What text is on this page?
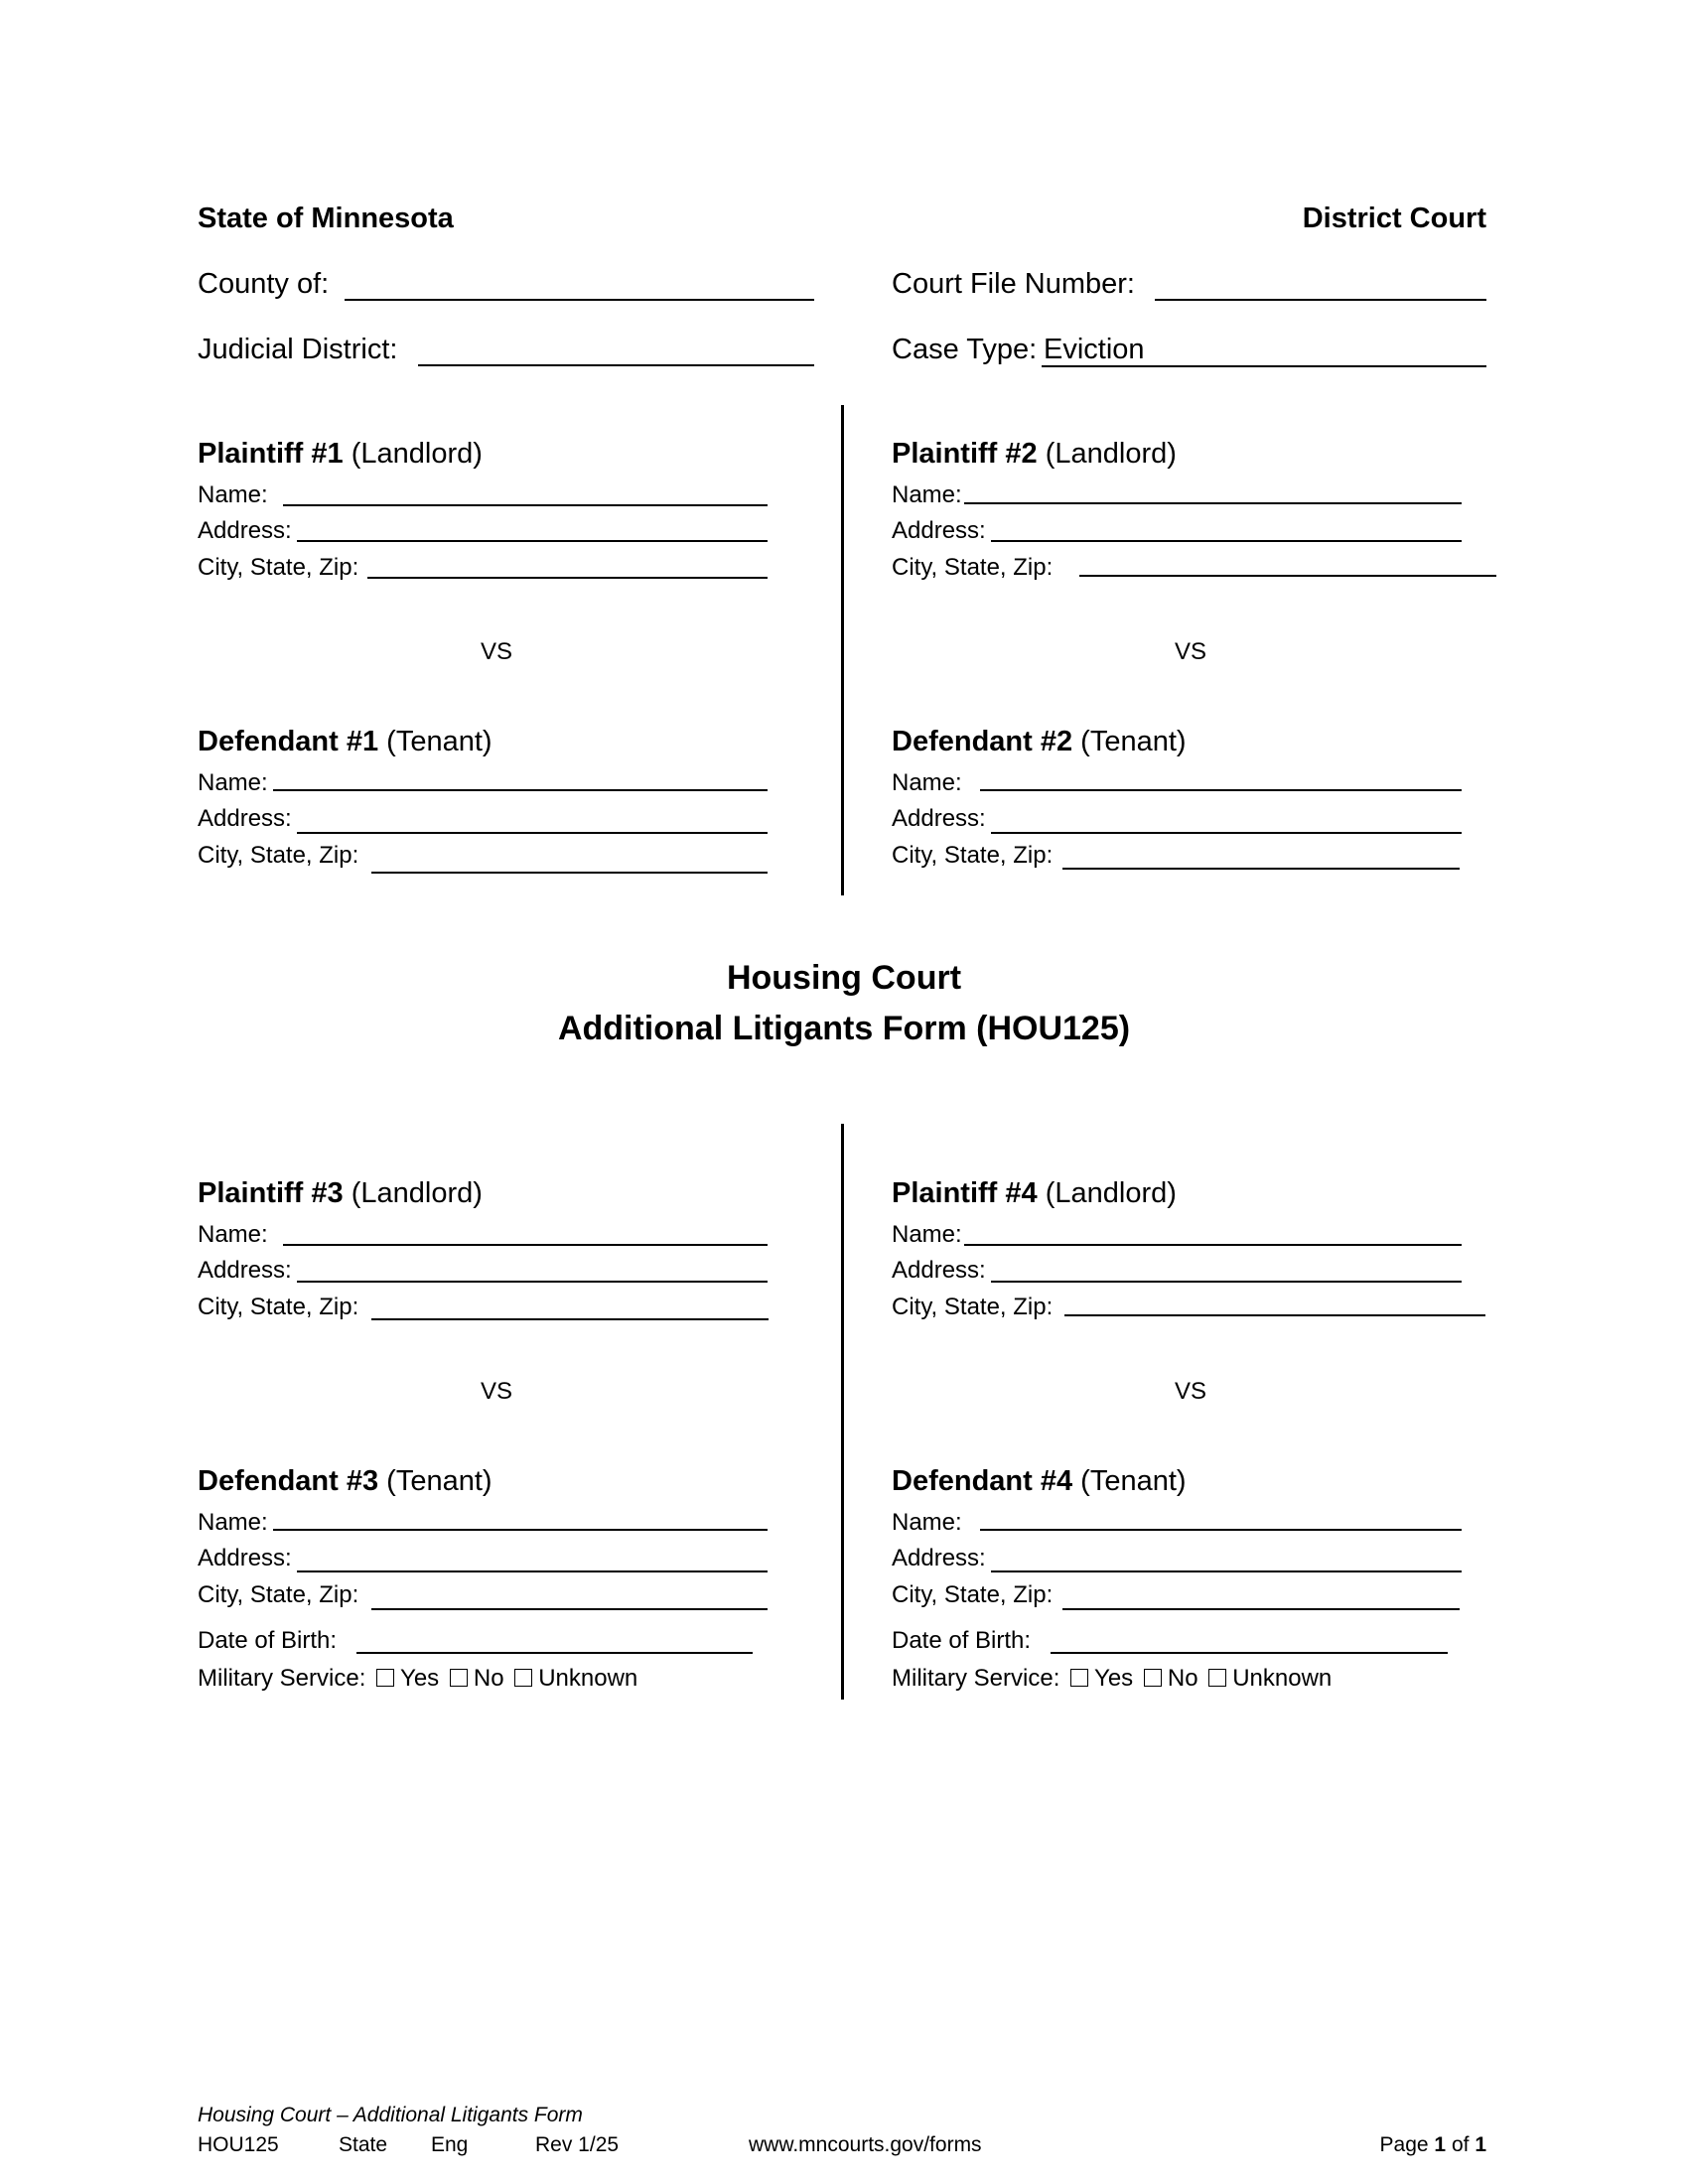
State of Minnesota	District Court
County of:
Judicial District:
Court File Number:
Case Type: Eviction
Plaintiff #1 (Landlord)
Name:
Address:
City, State, Zip:
VS
Defendant #1 (Tenant)
Name:
Address:
City, State, Zip:
Plaintiff #2 (Landlord)
Name:
Address:
City, State, Zip:
VS
Defendant #2 (Tenant)
Name:
Address:
City, State, Zip:
Housing Court
Additional Litigants Form (HOU125)
Plaintiff #3 (Landlord)
Name:
Address:
City, State, Zip:
VS
Defendant #3 (Tenant)
Name:
Address:
City, State, Zip:
Date of Birth:
Military Service: Yes No Unknown
Plaintiff #4 (Landlord)
Name:
Address:
City, State, Zip:
VS
Defendant #4 (Tenant)
Name:
Address:
City, State, Zip:
Date of Birth:
Military Service: Yes No Unknown
Housing Court – Additional Litigants Form
HOU125	State Eng	Rev 1/25	www.mncourts.gov/forms	Page 1 of 1
